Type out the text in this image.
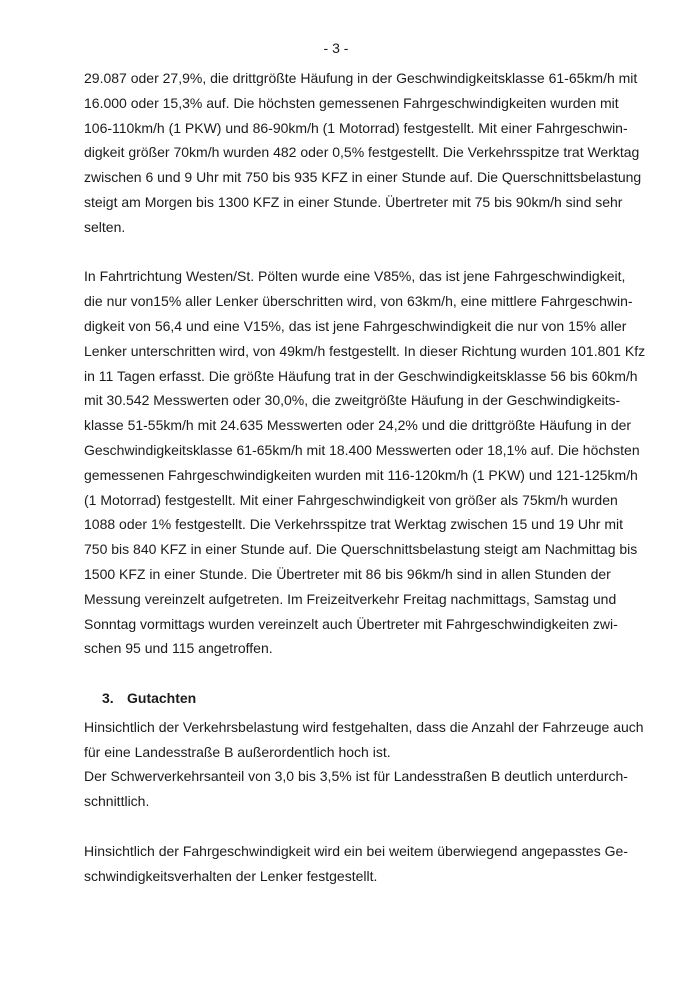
- 3 -
29.087 oder 27,9%, die drittgrößte Häufung in der Geschwindigkeitsklasse 61-65km/h mit
16.000 oder 15,3% auf. Die höchsten gemessenen Fahrgeschwindigkeiten wurden mit
106-110km/h (1 PKW) und 86-90km/h (1 Motorrad) festgestellt. Mit einer Fahrgeschwin-
digkeit größer 70km/h wurden 482 oder 0,5% festgestellt. Die Verkehrsspitze trat Werktag
zwischen 6 und 9 Uhr mit 750 bis 935 KFZ in einer Stunde auf. Die Querschnittsbelastung
steigt am Morgen bis 1300 KFZ in einer Stunde. Übertreter mit 75 bis 90km/h sind sehr
selten.
In Fahrtrichtung Westen/St. Pölten wurde eine V85%, das ist jene Fahrgeschwindigkeit,
die nur von15% aller Lenker überschritten wird, von 63km/h, eine mittlere Fahrgeschwin-
digkeit von 56,4 und eine V15%, das ist jene Fahrgeschwindigkeit die nur von 15% aller
Lenker unterschritten wird, von 49km/h festgestellt. In dieser Richtung wurden 101.801 Kfz
in 11 Tagen erfasst. Die größte Häufung trat in der Geschwindigkeitsklasse 56 bis 60km/h
mit 30.542 Messwerten oder 30,0%, die zweitgrößte Häufung in der Geschwindigkeits-
klasse 51-55km/h mit 24.635 Messwerten oder 24,2% und die drittgrößte Häufung in der
Geschwindigkeitsklasse 61-65km/h mit 18.400 Messwerten oder 18,1% auf. Die höchsten
gemessenen Fahrgeschwindigkeiten wurden mit 116-120km/h (1 PKW) und 121-125km/h
(1 Motorrad) festgestellt. Mit einer Fahrgeschwindigkeit von größer als 75km/h wurden
1088 oder 1% festgestellt. Die Verkehrsspitze trat Werktag zwischen 15 und 19 Uhr mit
750 bis 840 KFZ in einer Stunde auf. Die Querschnittsbelastung steigt am Nachmittag bis
1500 KFZ in einer Stunde. Die Übertreter mit 86 bis 96km/h sind in allen Stunden der
Messung vereinzelt aufgetreten. Im Freizeitverkehr Freitag nachmittags, Samstag und
Sonntag vormittags wurden vereinzelt auch Übertreter mit Fahrgeschwindigkeiten zwi-
schen 95 und 115 angetroffen.
3. Gutachten
Hinsichtlich der Verkehrsbelastung wird festgehalten, dass die Anzahl der Fahrzeuge auch
für eine Landesstraße B außerordentlich hoch ist.
Der Schwerverkehrsanteil von 3,0 bis 3,5% ist für Landesstraßen B deutlich unterdurch-
schnittlich.
Hinsichtlich der Fahrgeschwindigkeit wird ein bei weitem überwiegend angepasstes Ge-
schwindigkeitsverhalten der Lenker festgestellt.
